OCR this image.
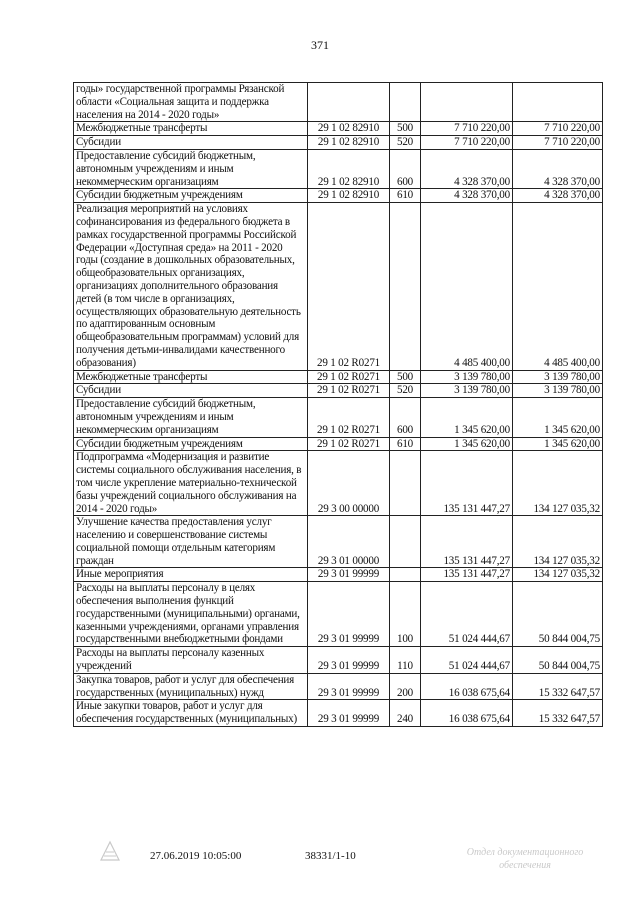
371
годы» государственной программы Рязанской области «Социальная защита и поддержка населения на 2014 - 2020 годы»				
Межбюджетные трансферты	29 1 02 82910	500	7 710 220,00	7 710 220,00
Субсидии	29 1 02 82910	520	7 710 220,00	7 710 220,00
Предоставление субсидий бюджетным, автономным учреждениям и иным некоммерческим организациям	29 1 02 82910	600	4 328 370,00	4 328 370,00
Субсидии бюджетным учреждениям	29 1 02 82910	610	4 328 370,00	4 328 370,00
Реализация мероприятий на условиях софинансирования из федерального бюджета в рамках государственной программы Российской Федерации «Доступная среда» на 2011 - 2020 годы (создание в дошкольных образовательных, общеобразовательных организациях, организациях дополнительного образования детей (в том числе в организациях, осуществляющих образовательную деятельность по адаптированным основным общеобразовательным программам) условий для получения детьми-инвалидами качественного образования)	29 1 02 R0271		4 485 400,00	4 485 400,00
Межбюджетные трансферты	29 1 02 R0271	500	3 139 780,00	3 139 780,00
Субсидии	29 1 02 R0271	520	3 139 780,00	3 139 780,00
Предоставление субсидий бюджетным, автономным учреждениям и иным некоммерческим организациям	29 1 02 R0271	600	1 345 620,00	1 345 620,00
Субсидии бюджетным учреждениям	29 1 02 R0271	610	1 345 620,00	1 345 620,00
Подпрограмма «Модернизация и развитие системы социального обслуживания населения, в том числе укрепление материально-технической базы учреждений социального обслуживания на 2014 - 2020 годы»	29 3 00 00000		135 131 447,27	134 127 035,32
Улучшение качества предоставления услуг населению и совершенствование системы социальной помощи отдельным категориям граждан	29 3 01 00000		135 131 447,27	134 127 035,32
Иные мероприятия	29 3 01 99999		135 131 447,27	134 127 035,32
Расходы на выплаты персоналу в целях обеспечения выполнения функций государственными (муниципальными) органами, казенными учреждениями, органами управления государственными внебюджетными фондами	29 3 01 99999	100	51 024 444,67	50 844 004,75
Расходы на выплаты персоналу казенных учреждений	29 3 01 99999	110	51 024 444,67	50 844 004,75
Закупка товаров, работ и услуг для обеспечения государственных (муниципальных) нужд	29 3 01 99999	200	16 038 675,64	15 332 647,57
Иные закупки товаров, работ и услуг для обеспечения государственных (муниципальных)	29 3 01 99999	240	16 038 675,64	15 332 647,57
27.06.2019 10:05:00	38331/1-10	Отдел документационного обеспечения
